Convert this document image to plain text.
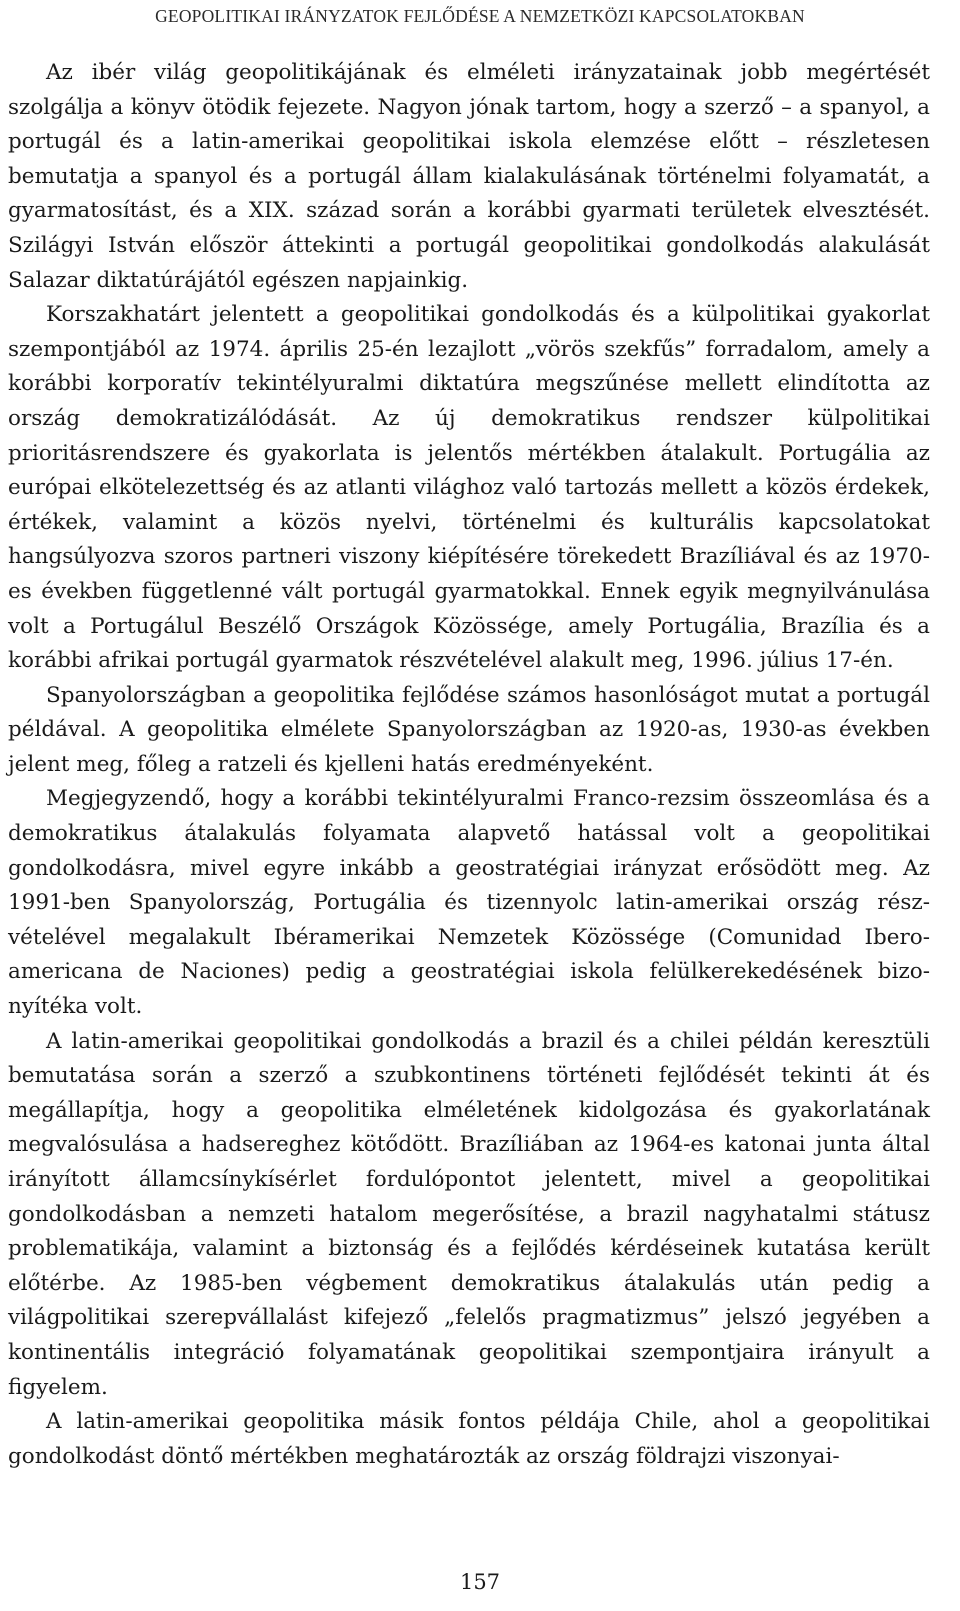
GEOPOLITIKAI IRÁNYZATOK FEJLŐDÉSE A NEMZETKÖZI KAPCSOLATOKBAN

Az ibér világ geopolitikájának és elméleti irányzatainak jobb megértését szolgálja a könyv ötödik fejezete. Nagyon jónak tartom, hogy a szerző – a spanyol, a portugál és a latin-amerikai geopolitikai iskola elemzése előtt – részletesen bemutatja a spanyol és a portugál állam kialakulásának történelmi folyamatát, a gyarmatosítást, és a XIX. század során a korábbi gyarmati területek elvesztését. Szilágyi István először áttekinti a portugál geopolitikai gondolkodás alakulását Salazar diktatúrájától egészen napjainkig.

Korszakhatárt jelentett a geopolitikai gondolkodás és a külpolitikai gyakorlat szempontjából az 1974. április 25-én lezajlott „vörös szekfűs” forradalom, amely a korábbi korporatív tekintélyuralmi diktatúra megszűnése mellett elindította az ország demokratizálódását. Az új demokratikus rendszer külpolitikai prioritásrendszere és gyakorlata is jelentős mértékben átalakult. Portugália az európai elkötelezettség és az atlanti világhoz való tartozás mellett a közös érdekek, értékek, valamint a közös nyelvi, történelmi és kulturális kapcsolatokat hangsúlyozva szoros partneri viszony kiépítésére törekedett Brazíliával és az 1970-es években függetlenné vált portugál gyarmatokkal. Ennek egyik megnyilvánulása volt a Portugálul Beszélő Országok Közössége, amely Portugália, Brazília és a korábbi afrikai portugál gyarmatok részvételével alakult meg, 1996. július 17-én.

Spanyolországban a geopolitika fejlődése számos hasonlóságot mutat a portugál példával. A geopolitika elmélete Spanyolországban az 1920-as, 1930-as években jelent meg, főleg a ratzeli és kjelleni hatás eredményeként.

Megjegyzendő, hogy a korábbi tekintélyuralmi Franco-rezsim összeomlása és a demokratikus átalakulás folyamata alapvető hatással volt a geopolitikai gondolkodásra, mivel egyre inkább a geostratégiai irányzat erősödött meg. Az 1991-ben Spanyolország, Portugália és tizennyolc latin-amerikai ország részvételével megalakult Ibéramerikai Nemzetek Közössége (Comunidad Iberoamericana de Naciones) pedig a geostratégiai iskola felülkerekedésének bizonyítéka volt.

A latin-amerikai geopolitikai gondolkodás a brazil és a chilei példán keresztüli bemutatása során a szerző a szubkontinens történeti fejlődését tekinti át és megállapítja, hogy a geopolitika elméletének kidolgozása és gyakorlatának megvalósulása a hadsereghez kötődött. Brazíliában az 1964-es katonai junta által irányított államcsínykísérlet fordulópontot jelentett, mivel a geopolitikai gondolkodásban a nemzeti hatalom megerősítése, a brazil nagyhatalmi státusz problematikája, valamint a biztonság és a fejlődés kérdéseinek kutatása került előtérbe. Az 1985-ben végbement demokratikus átalakulás után pedig a világpolitikai szerepvállalást kifejező „felelős pragmatizmus” jelszó jegyében a kontinentális integráció folyamatának geopolitikai szempontjaira irányult a figyelem.

A latin-amerikai geopolitika másik fontos példája Chile, ahol a geopolitikai gondolkodást döntő mértékben meghatározták az ország földrajzi viszonyai-

157
